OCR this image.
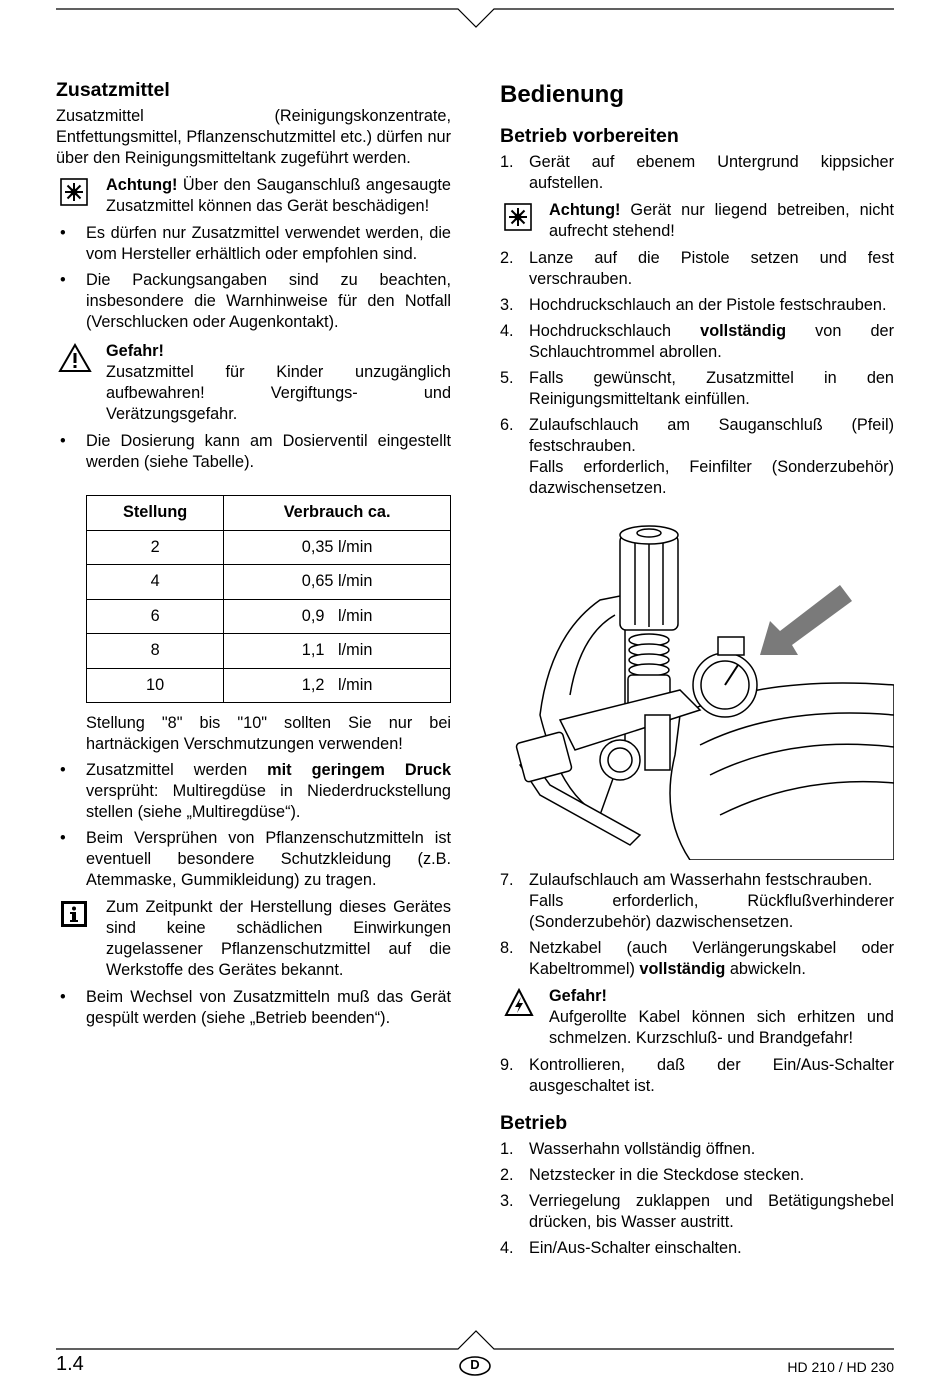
Zusatzmittel

Zusatzmittel (Reinigungskonzentrate, Entfettungsmittel, Pflanzenschutzmittel etc.) dürfen nur über den Reinigungsmitteltank zugeführt werden.

Achtung! Über den Sauganschluß angesaugte Zusatzmittel können das Gerät beschädigen!
• Es dürfen nur Zusatzmittel verwendet werden, die vom Hersteller erhältlich oder empfohlen sind.
• Die Packungsangaben sind zu beachten, insbesondere die Warnhinweise für den Notfall (Verschlucken oder Augenkontakt).
Gefahr!
Zusatzmittel für Kinder unzugänglich aufbewahren! Vergiftungs- und Verätzungsgefahr.
• Die Dosierung kann am Dosierventil eingestellt werden (siehe Tabelle).
Stellung	Verbrauch ca.
2	0,35 l/min
4	0,65 l/min
6	0,9   l/min
8	1,1   l/min
10	1,2   l/min

Stellung "8" bis "10" sollten Sie nur bei hartnäckigen Verschmutzungen verwenden!

• Zusatzmittel werden mit geringem Druck versprüht: Multiregdüse in Niederdruckstellung stellen (siehe „Multiregdüse“).
• Beim Versprühen von Pflanzenschutzmitteln ist eventuell besondere Schutzkleidung (z.B. Atemmaske, Gummikleidung) zu tragen.
Zum Zeitpunkt der Herstellung dieses Gerätes sind keine schädlichen Einwirkungen zugelassener Pflanzenschutzmittel auf die Werkstoffe des Gerätes bekannt.
• Beim Wechsel von Zusatzmitteln muß das Gerät gespült werden (siehe „Betrieb beenden“).
Bedienung
Betrieb vorbereiten
1. Gerät auf ebenem Untergrund kippsicher aufstellen.
Achtung! Gerät nur liegend betreiben, nicht aufrecht stehend!
2. Lanze auf die Pistole setzen und fest verschrauben.
3. Hochdruckschlauch an der Pistole festschrauben.
4. Hochdruckschlauch vollständig von der Schlauchtrommel abrollen.
5. Falls gewünscht, Zusatzmittel in den Reinigungsmitteltank einfüllen.
6. Zulaufschlauch am Sauganschluß (Pfeil) festschrauben.
Falls erforderlich, Feinfilter (Sonderzubehör) dazwischensetzen.
7. Zulaufschlauch am Wasserhahn festschrauben.
Falls erforderlich, Rückflußverhinderer (Sonderzubehör) dazwischensetzen.
8. Netzkabel (auch Verlängerungskabel oder Kabeltrommel) vollständig abwickeln.
Gefahr!
Aufgerollte Kabel können sich erhitzen und schmelzen. Kurzschluß- und Brandgefahr!
9. Kontrollieren, daß der Ein/Aus-Schalter ausgeschaltet ist.
Betrieb
1. Wasserhahn vollständig öffnen.
2. Netzstecker in die Steckdose stecken.
3. Verriegelung zuklappen und Betätigungshebel drücken, bis Wasser austritt.
4. Ein/Aus-Schalter einschalten.
1.4	D	HD 210 / HD 230
